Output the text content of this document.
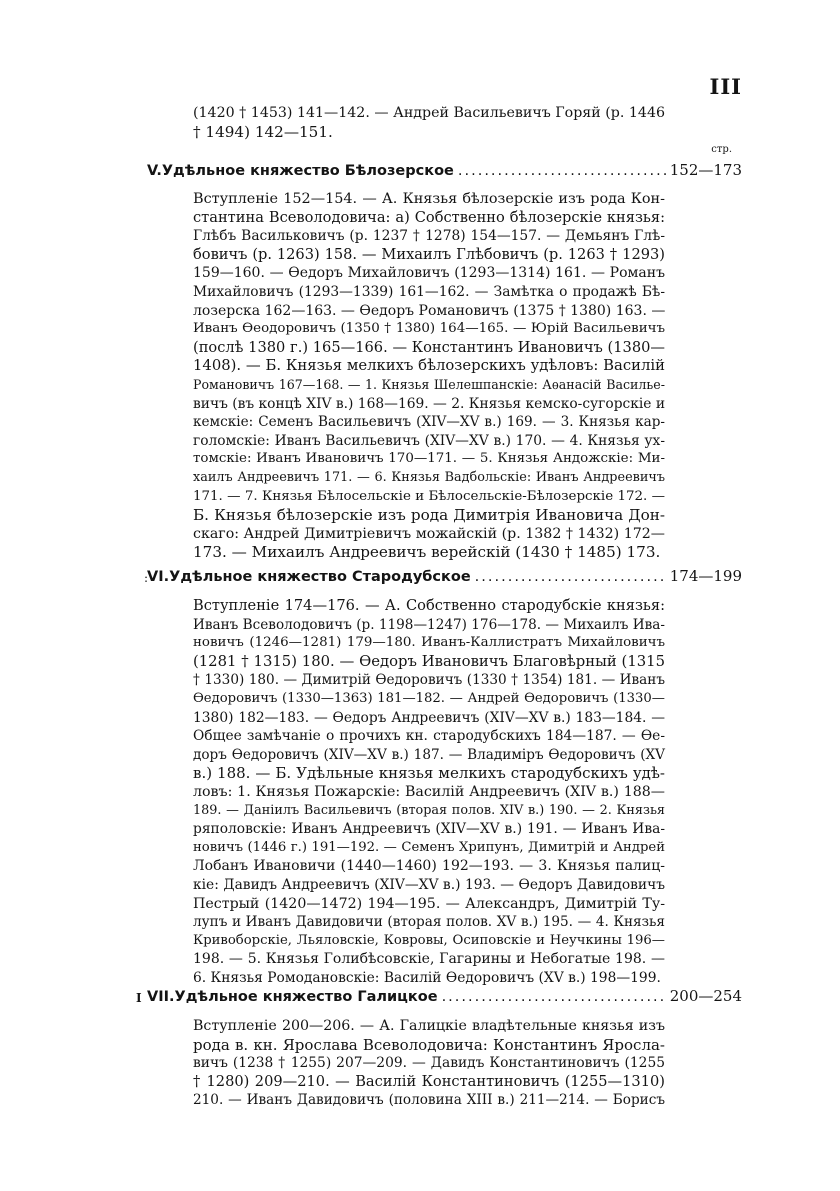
III
(1420 † 1453) 141—142. — Андрей Васильевичъ Горяй (р. 1446
† 1494) 142—151.
стр.
V. Удѣльное княжество Бѣлозерское .....	152—173
Вступленіе 152—154. — А. Князья бѣлозерскіе изъ рода Кон-
стантина Всеволодовича: а) Собственно бѣлозерскіе князья:
Глѣбъ Васильковичъ (р. 1237 † 1278) 154—157. — Демьянъ Глѣ-
бовичъ (р. 1263) 158. — Михаилъ Глѣбовичъ (р. 1263 † 1293)
159—160. — Ѳедоръ Михайловичъ (1293—1314) 161. — Романъ
Михайловичъ (1293—1339) 161—162. — Замѣтка о продажѣ Бѣ-
лозерска 162—163. — Ѳедоръ Романовичъ (1375 † 1380) 163. —
Иванъ Ѳеодоровичъ (1350 † 1380) 164—165. — Юрій Васильевичъ
(послѣ 1380 г.) 165—166. — Константинъ Ивановичъ (1380—
1408). — Б. Князья мелкихъ бѣлозерскихъ удѣловъ: Василій
Романовичъ 167—168. — 1. Князья Шелешпанскіе: Аѳанасій Василье-
вичъ (въ концѣ XIV в.) 168—169. — 2. Князья кемско-сугорскіе и
кемскіе: Семенъ Васильевичъ (XIV—XV в.) 169. — 3. Князья кар-
голомскіе: Иванъ Васильевичъ (XIV—XV в.) 170. — 4. Князья ух-
томскіе: Иванъ Ивановичъ 170—171. — 5. Князья Андожскіе: Ми-
хаилъ Андреевичъ 171. — 6. Князья Вадбольскіе: Иванъ Андреевичъ
171. — 7. Князья Бѣлосельскіе и Бѣлосельскіе-Бѣлозерскіе 172. —
Б. Князья бѣлозерскіе изъ рода Димитрія Ивановича Дон-
скаго: Андрей Димитріевичъ можайскій (р. 1382 † 1432) 172—
173. — Михаилъ Андреевичъ верейскій (1430 † 1485) 173.
:
VI. Удѣльное княжество Стародубское .....	174—199
Вступленіе 174—176. — А. Собственно стародубскіе князья:
Иванъ Всеволодовичъ (р. 1198—1247) 176—178. — Михаилъ Ива-
новичъ (1246—1281) 179—180. Иванъ-Каллистратъ Михайловичъ
(1281 † 1315) 180. — Ѳедоръ Ивановичъ Благовѣрный (1315
† 1330) 180. — Димитрій Ѳедоровичъ (1330 † 1354) 181. — Иванъ
Ѳедоровичъ (1330—1363) 181—182. — Андрей Ѳедоровичъ (1330—
1380) 182—183. — Ѳедоръ Андреевичъ (XIV—XV в.) 183—184. —
Общее замѣчаніе о прочихъ кн. стародубскихъ 184—187. — Ѳе-
доръ Ѳедоровичъ (XIV—XV в.) 187. — Владиміръ Ѳедоровичъ (XV
в.) 188. — Б. Удѣльные князья мелкихъ стародубскихъ удѣ-
ловъ: 1. Князья Пожарскіе: Василій Андреевичъ (XIV в.) 188—
189. — Даніилъ Васильевичъ (вторая полов. XIV в.) 190. — 2. Князья
ряполовскіе: Иванъ Андреевичъ (XIV—XV в.) 191. — Иванъ Ива-
новичъ (1446 г.) 191—192. — Семенъ Хрипунъ, Димитрій и Андрей
Лобанъ Ивановичи (1440—1460) 192—193. — 3. Князья палиц-
кіе: Давидъ Андреевичъ (XIV—XV в.) 193. — Ѳедоръ Давидовичъ
Пестрый (1420—1472) 194—195. — Александръ, Димитрій Ту-
лупъ и Иванъ Давидовичи (вторая полов. XV в.) 195. — 4. Князья
Кривоборскіе, Льяловскіе, Ковровы, Осиповскіе и Неучкины 196—
198. — 5. Князья Голибѣсовскіе, Гагарины и Небогатые 198. —
6. Князья Ромодановскіе: Василій Ѳедоровичъ (XV в.) 198—199.
I VII. Удѣльное княжество Галицкое .....	200—254
Вступленіе 200—206. — А. Галицкіе владѣтельные князья изъ
рода в. кн. Ярослава Всеволодовича: Константинъ Яросла-
вичъ (1238 † 1255) 207—209. — Давидъ Константиновичъ (1255
† 1280) 209—210. — Василій Константиновичъ (1255—1310)
210. — Иванъ Давидовичъ (половина XIII в.) 211—214. — Борисъ
